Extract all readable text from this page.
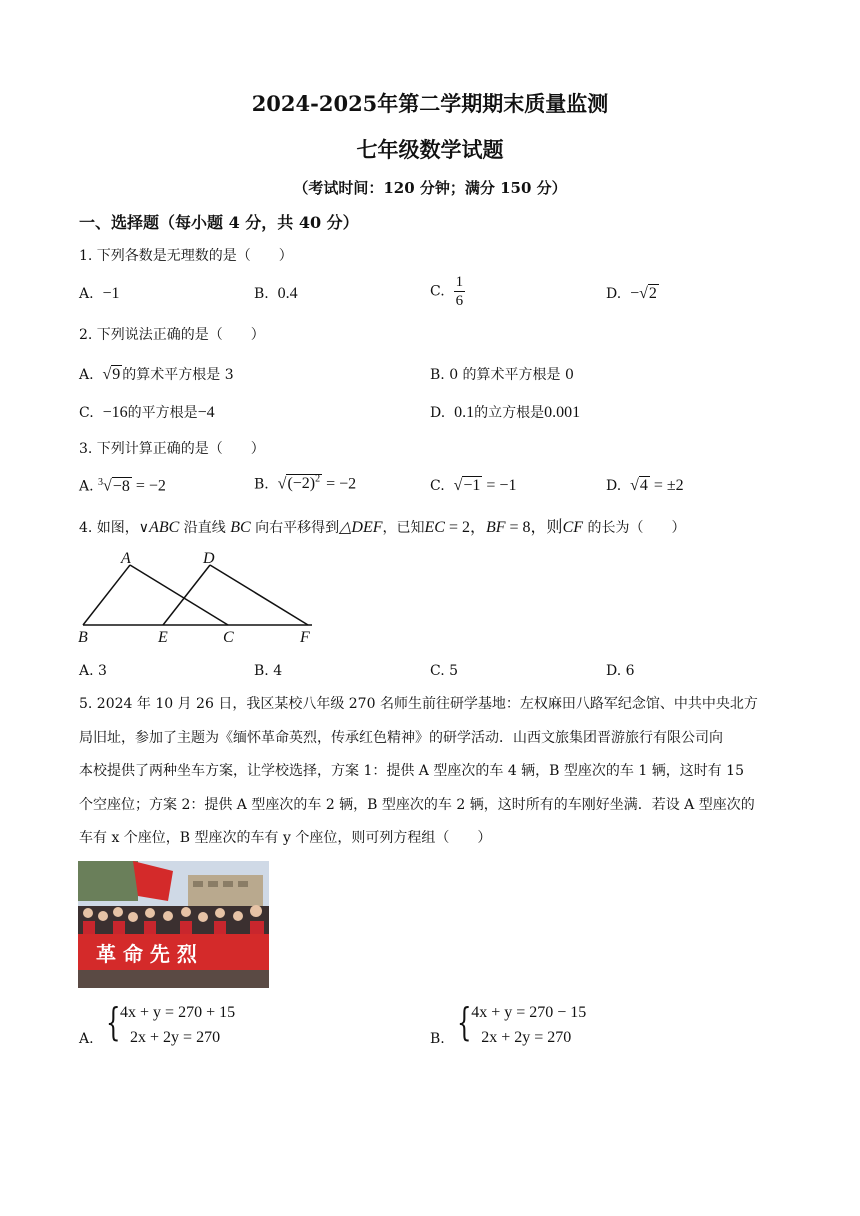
2024-2025年第二学期期末质量监测
七年级数学试题
（考试时间：120 分钟；满分 150 分）
一、选择题（每小题 4 分，共 40 分）
1. 下列各数是无理数的是（　　）
A. −1	B. 0.4	C. $\frac{1}{6}$	D. −√2
2. 下列说法正确的是（　　）
A. √9 的算术平方根是 3	B. 0 的算术平方根是 0
C. −16的平方根是−4	D. 0.1的立方根是0.001
3. 下列计算正确的是（　　）
A. $^3$√−8 = −2	B. $√(-2)^2 = -2$	C. √−1 = −1	D. √4 = ±2
4. 如图，∨ABC 沿直线 BC 向右平移得到△DEF，已知EC = 2，BF = 8，则CF 的长为（　　）
A	D
B	E	C	F
A. 3	B. 4	C. 5	D. 6
5. 2024 年 10 月 26 日，我区某校八年级 270 名师生前往研学基地：左权麻田八路军纪念馆、中共中央北方
局旧址，参加了主题为《缅怀革命英烈，传承红色精神》的研学活动．山西文旅集团晋游旅行有限公司向
本校提供了两种坐车方案，让学校选择，方案 1：提供 A 型座次的车 4 辆，B 型座次的车 1 辆，这时有 15
个空座位；方案 2：提供 A 型座次的车 2 辆，B 型座次的车 2 辆，这时所有的车刚好坐满．若设 A 型座次的
车有 x 个座位，B 型座次的车有 y 个座位，则可列方程组（　　）
革 命 先 烈
A. { 4x + y = 270 + 15
2x + 2y = 270	B. { 4x + y = 270 − 15
2x + 2y = 270
